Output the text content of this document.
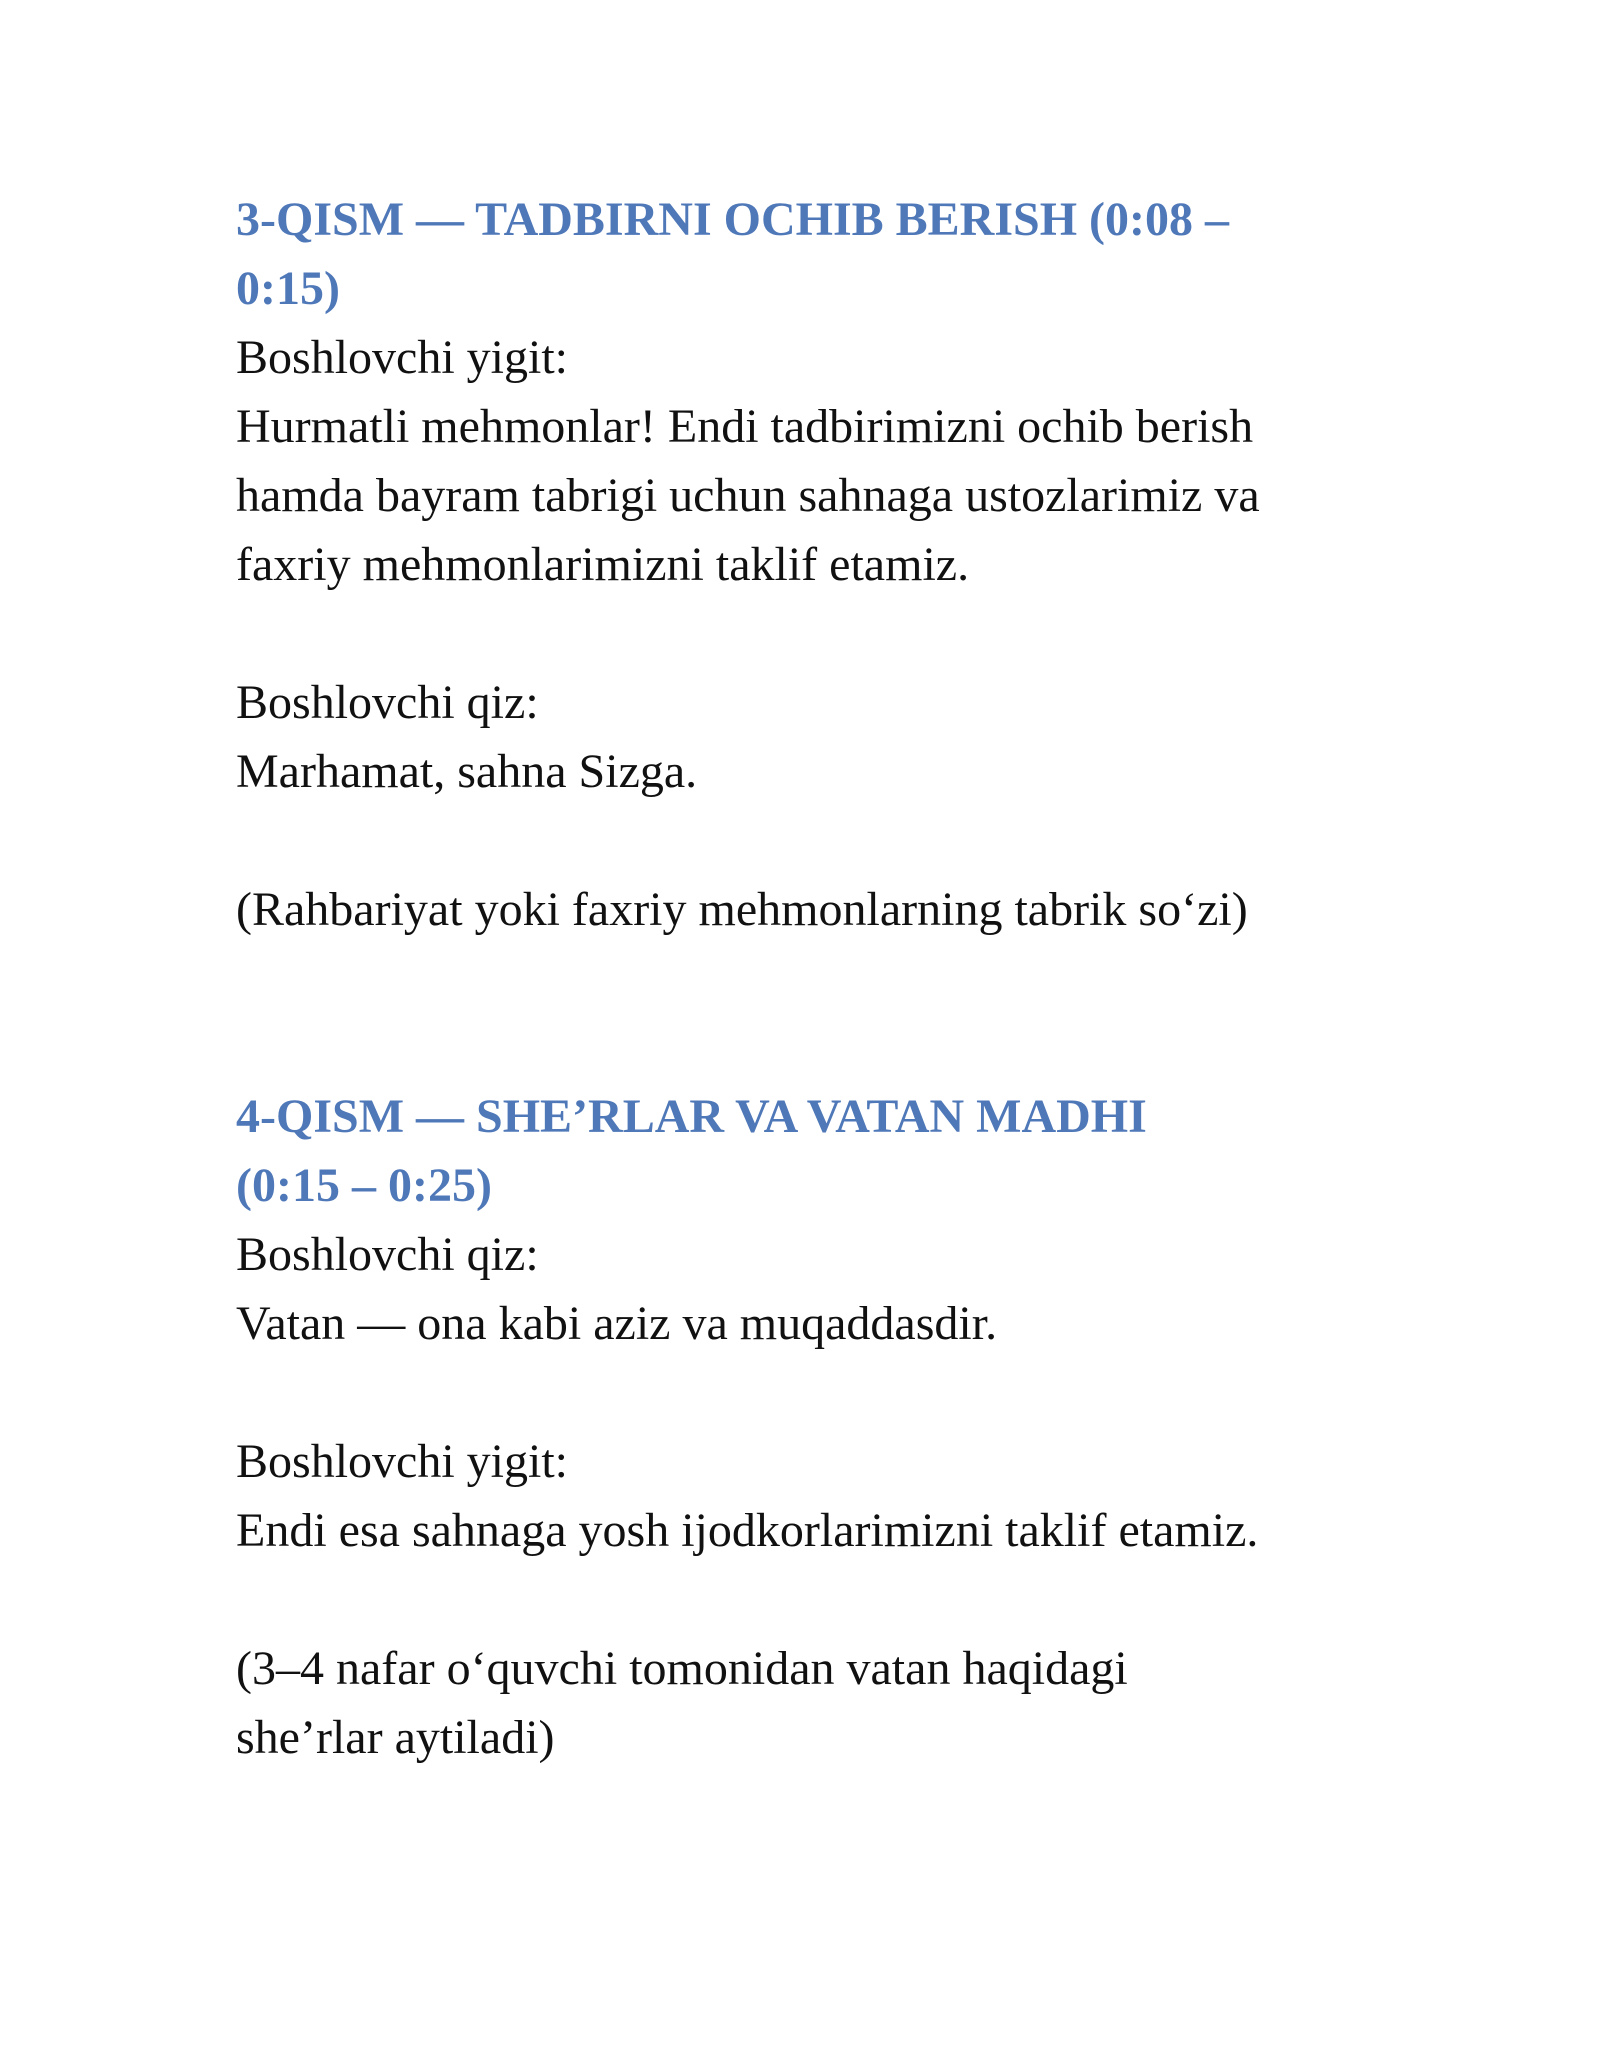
3-QISM — TADBIRNI OCHIB BERISH (0:08 –
0:15)

Boshlovchi yigit:

Hurmatli mehmonlar! Endi tadbirimizni ochib berish

hamda bayram tabrigi uchun sahnaga ustozlarimiz va

faxriy mehmonlarimizni taklif etamiz.

Boshlovchi qiz:

Marhamat, sahna Sizga.

(Rahbariyat yoki faxriy mehmonlarning tabrik so‘zi)

4-QISM — SHE’RLAR VA VATAN MADHI
(0:15 – 0:25)

Boshlovchi qiz:

Vatan — ona kabi aziz va muqaddasdir.

Boshlovchi yigit:

Endi esa sahnaga yosh ijodkorlarimizni taklif etamiz.

(3–4 nafar o‘quvchi tomonidan vatan haqidagi

she’rlar aytiladi)
